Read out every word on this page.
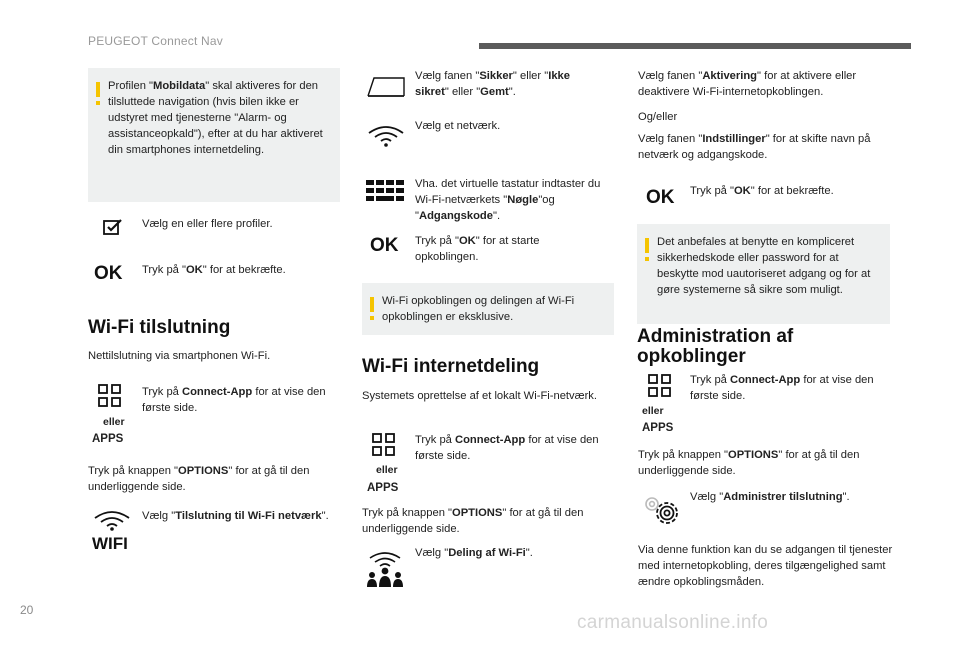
PEUGEOT Connect Nav
Profilen "Mobildata" skal aktiveres for den tilsluttede navigation (hvis bilen ikke er udstyret med tjenesterne "Alarm- og assistanceopkald"), efter at du har aktiveret din smartphones internetdeling.
Vælg en eller flere profiler.
OK Tryk på "OK" for at bekræfte.
Wi-Fi tilslutning
Nettilslutning via smartphonen Wi-Fi.
eller
APPS
Tryk på Connect-App for at vise den første side.
Tryk på knappen "OPTIONS" for at gå til den underliggende side.
WIFI
Vælg "Tilslutning til Wi-Fi netværk".
Vælg fanen "Sikker" eller "Ikke sikret" eller "Gemt".
Vælg et netværk.
Vha. det virtuelle tastatur indtaster du Wi-Fi-netværkets "Nøgle"og "Adgangskode".
OK Tryk på "OK" for at starte opkoblingen.
Wi-Fi opkoblingen og delingen af Wi-Fi opkoblingen er eksklusive.
Wi-Fi internetdeling
Systemets oprettelse af et lokalt Wi-Fi-netværk.
eller
APPS
Tryk på Connect-App for at vise den første side.
Tryk på knappen "OPTIONS" for at gå til den underliggende side.
Vælg "Deling af Wi-Fi".
Vælg fanen "Aktivering" for at aktivere eller deaktivere Wi-Fi-internetopkoblingen.
Og/eller
Vælg fanen "Indstillinger" for at skifte navn på netværk og adgangskode.
OK Tryk på "OK" for at bekræfte.
Det anbefales at benytte en kompliceret sikkerhedskode eller password for at beskytte mod uautoriseret adgang og for at gøre systemerne så sikre som muligt.
Administration af opkoblinger
eller
APPS
Tryk på Connect-App for at vise den første side.
Tryk på knappen "OPTIONS" for at gå til den underliggende side.
Vælg "Administrer tilslutning".
Via denne funktion kan du se adgangen til tjenester med internetopkobling, deres tilgængelighed samt ændre opkoblingsmåden.
20
carmanualsonline.info
